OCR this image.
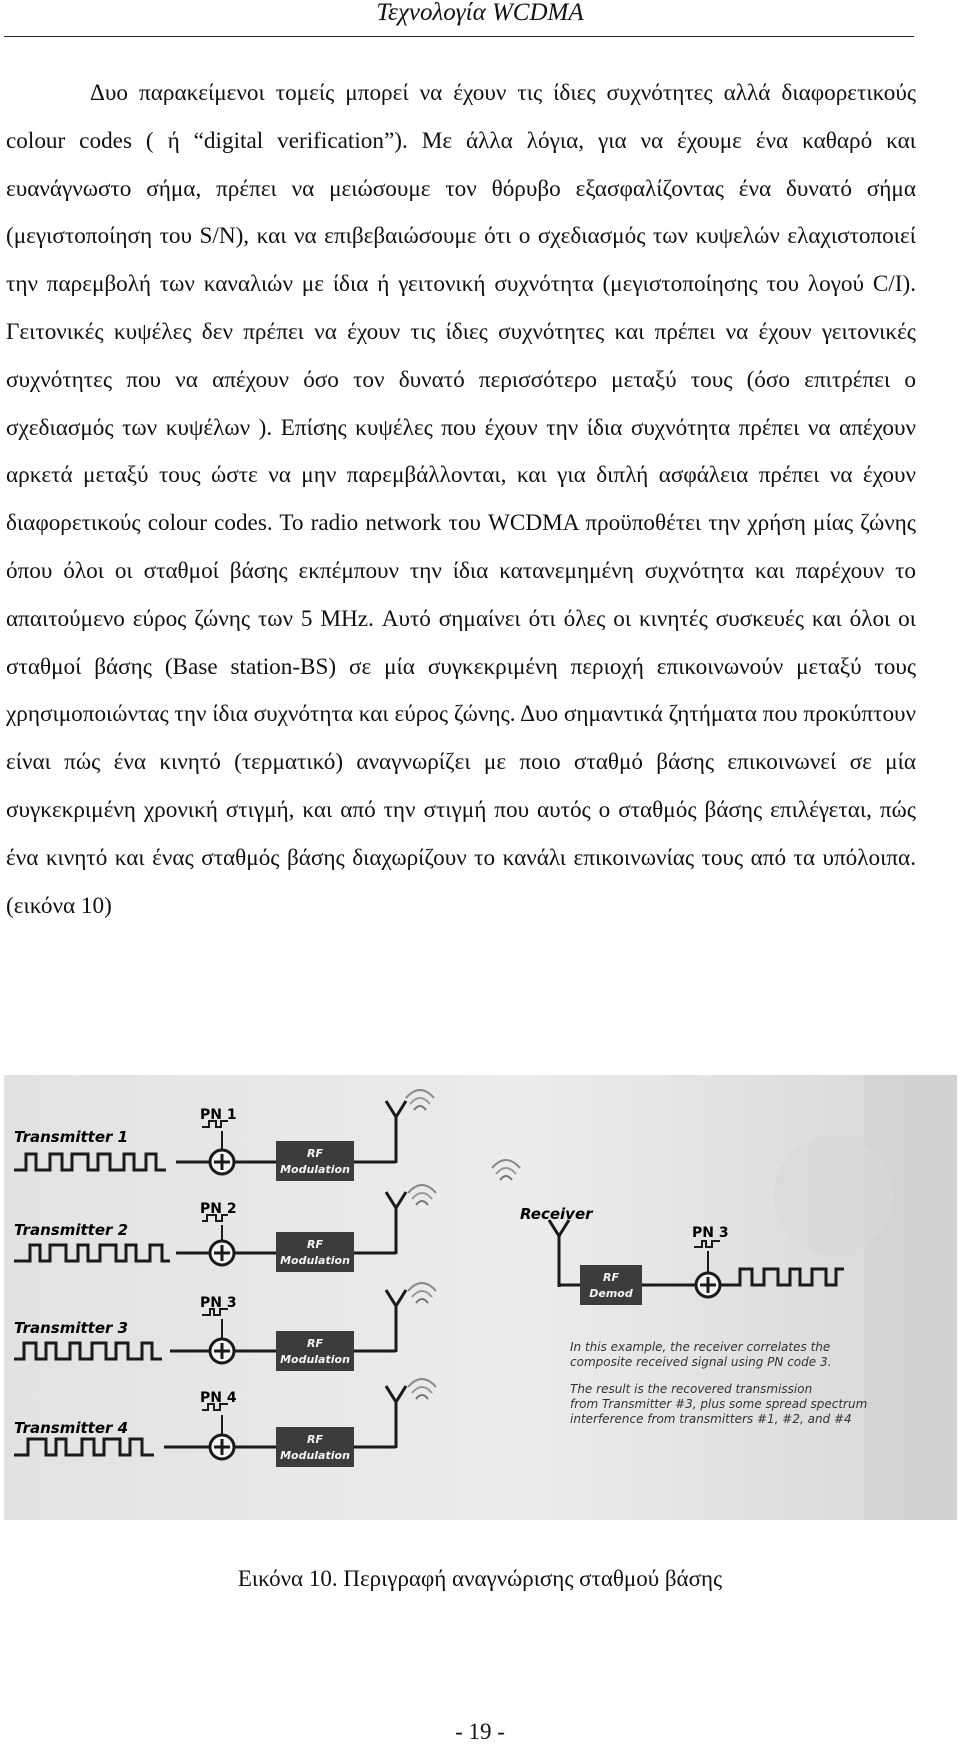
Τεχνολογία WCDMA

Δυο παρακείμενοι τομείς μπορεί να έχουν τις ίδιες συχνότητες αλλά διαφορετικούς colour codes ( ή “digital verification”). Με άλλα λόγια, για να έχουμε ένα καθαρό και ευανάγνωστο σήμα, πρέπει να μειώσουμε τον θόρυβο εξασφαλίζοντας ένα δυνατό σήμα (μεγιστοποίηση του S/N), και να επιβεβαιώσουμε ότι ο σχεδιασμός των κυψελών ελαχιστοποιεί την παρεμβολή των καναλιών με ίδια ή γειτονική συχνότητα (μεγιστοποίησης του λογού C/I). Γειτονικές κυψέλες δεν πρέπει να έχουν τις ίδιες συχνότητες και πρέπει να έχουν γειτονικές συχνότητες που να απέχουν όσο τον δυνατό περισσότερο μεταξύ τους (όσο επιτρέπει ο σχεδιασμός των κυψέλων ). Επίσης κυψέλες που έχουν την ίδια συχνότητα πρέπει να απέχουν αρκετά μεταξύ τους ώστε να μην παρεμβάλλονται, και για διπλή ασφάλεια πρέπει να έχουν διαφορετικούς colour codes. To radio network του WCDMA προϋποθέτει την χρήση μίας ζώνης όπου όλοι οι σταθμοί βάσης εκπέμπουν την ίδια κατανεμημένη συχνότητα και παρέχουν το απαιτούμενο εύρος ζώνης των 5 MHz. Αυτό σημαίνει ότι όλες οι κινητές συσκευές και όλοι οι σταθμοί βάσης (Base station-BS) σε μία συγκεκριμένη περιοχή επικοινωνούν μεταξύ τους χρησιμοποιώντας την ίδια συχνότητα και εύρος ζώνης. Δυο σημαντικά ζητήματα που προκύπτουν είναι πώς ένα κινητό (τερματικό) αναγνωρίζει με ποιο σταθμό βάσης επικοινωνεί σε μία συγκεκριμένη χρονική στιγμή, και από την στιγμή που αυτός ο σταθμός βάσης επιλέγεται, πώς ένα κινητό και ένας σταθμός βάσης διαχωρίζουν το κανάλι επικοινωνίας τους από τα υπόλοιπα.(εικόνα 10)

Transmitter 1
PN 1
RF
Modulation
Transmitter 2
PN 2
RF
Modulation
Transmitter 3
PN 3
RF
Modulation
Transmitter 4
PN 4
RF
Modulation
Receiver
RF
Demod
PN 3
In this example, the receiver correlates the
composite received signal using PN code 3.
The result is the recovered transmission
from Transmitter #3, plus some spread spectrum
interference from transmitters #1, #2, and #4
Εικόνα 10. Περιγραφή αναγνώρισης σταθμού βάσης
- 19 -
